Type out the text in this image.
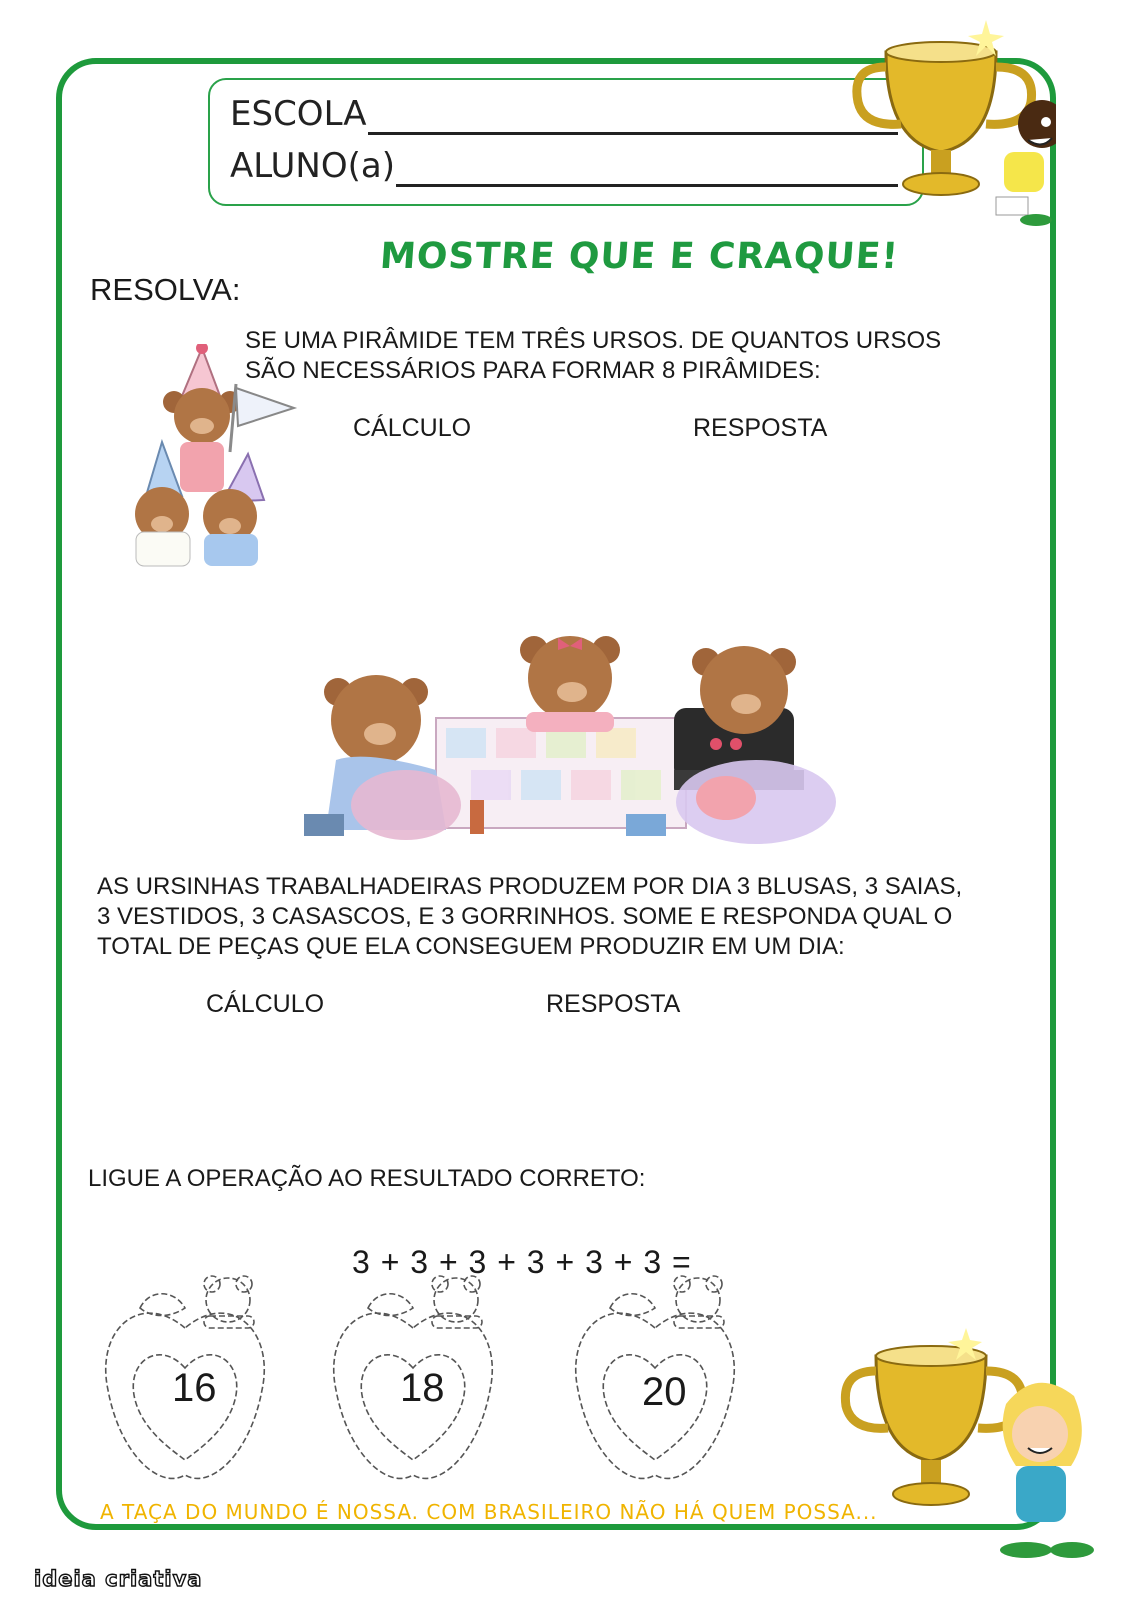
ESCOLA
ALUNO(a)
MOSTRE QUE E CRAQUE!
RESOLVA:
SE UMA PIRÂMIDE TEM TRÊS URSOS. DE QUANTOS URSOS
SÃO NECESSÁRIOS PARA FORMAR 8 PIRÂMIDES:
CÁLCULO	RESPOSTA
AS URSINHAS TRABALHADEIRAS PRODUZEM POR DIA 3 BLUSAS, 3 SAIAS,
3 VESTIDOS, 3 CASASCOS, E 3 GORRINHOS. SOME E RESPONDA QUAL O
TOTAL DE PEÇAS QUE ELA CONSEGUEM PRODUZIR EM UM DIA:
CÁLCULO	RESPOSTA
LIGUE A OPERAÇÃO AO RESULTADO CORRETO:
3 + 3 + 3 + 3 + 3 + 3 =
16	18	20
A TAÇA DO MUNDO É NOSSA. COM BRASILEIRO NÃO HÁ QUEM POSSA...
ideia criativa
